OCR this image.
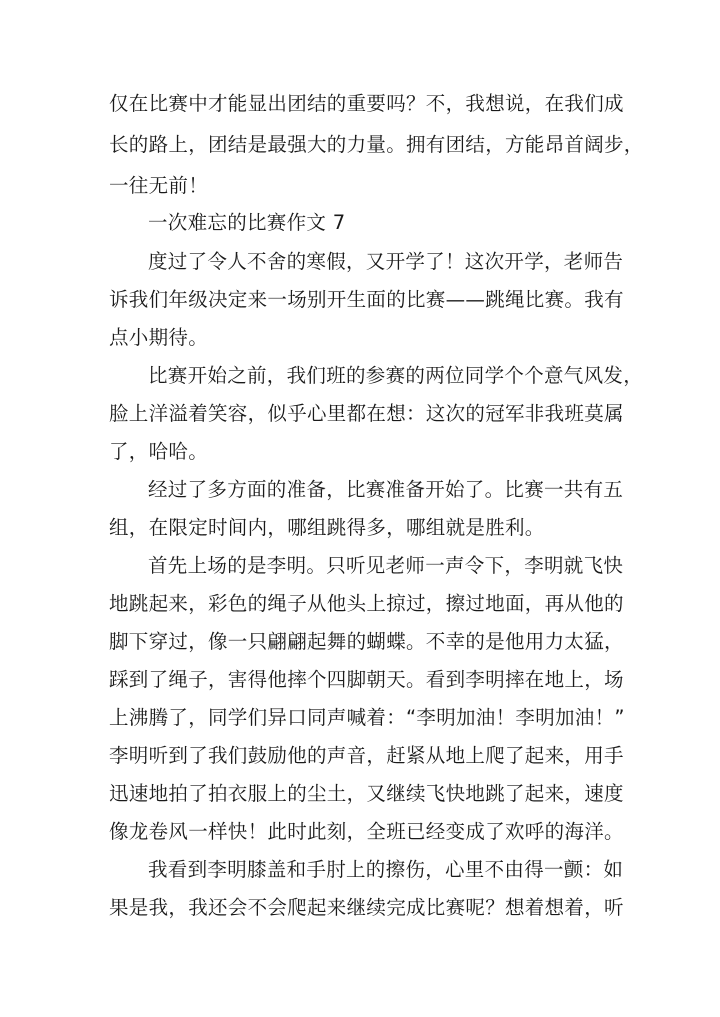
仅在比赛中才能显出团结的重要吗？不，我想说，在我们成
长的路上，团结是最强大的力量。拥有团结，方能昂首阔步，
一往无前！
一次难忘的比赛作文 7
度过了令人不舍的寒假，又开学了！这次开学，老师告
诉我们年级决定来一场别开生面的比赛——跳绳比赛。我有
点小期待。
比赛开始之前，我们班的参赛的两位同学个个意气风发，
脸上洋溢着笑容，似乎心里都在想：这次的冠军非我班莫属
了，哈哈。
经过了多方面的准备，比赛准备开始了。比赛一共有五
组，在限定时间内，哪组跳得多，哪组就是胜利。
首先上场的是李明。只听见老师一声令下，李明就飞快
地跳起来，彩色的绳子从他头上掠过，擦过地面，再从他的
脚下穿过，像一只翩翩起舞的蝴蝶。不幸的是他用力太猛，
踩到了绳子，害得他摔个四脚朝天。看到李明摔在地上，场
上沸腾了，同学们异口同声喊着：“李明加油！李明加油！”
李明听到了我们鼓励他的声音，赶紧从地上爬了起来，用手
迅速地拍了拍衣服上的尘土，又继续飞快地跳了起来，速度
像龙卷风一样快！此时此刻，全班已经变成了欢呼的海洋。
我看到李明膝盖和手肘上的擦伤，心里不由得一颤：如
果是我，我还会不会爬起来继续完成比赛呢？想着想着，听
